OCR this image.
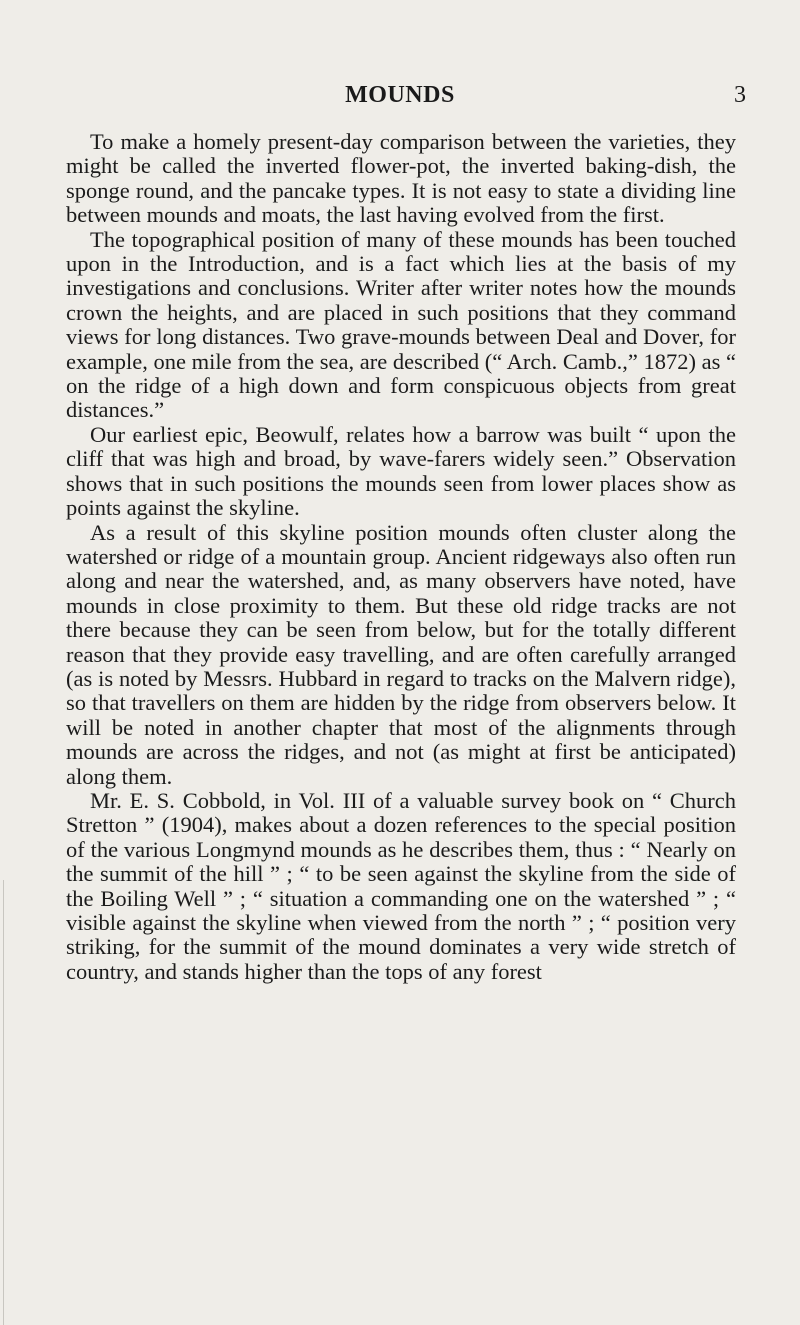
MOUNDS	3

To make a homely present-day comparison between the varieties, they might be called the inverted flower-pot, the inverted baking-dish, the sponge round, and the pancake types. It is not easy to state a dividing line between mounds and moats, the last having evolved from the first.

The topographical position of many of these mounds has been touched upon in the Introduction, and is a fact which lies at the basis of my investigations and conclusions. Writer after writer notes how the mounds crown the heights, and are placed in such positions that they command views for long distances. Two grave-mounds between Deal and Dover, for example, one mile from the sea, are described (“ Arch. Camb.,” 1872) as “ on the ridge of a high down and form conspicuous objects from great distances.”

Our earliest epic, Beowulf, relates how a barrow was built “ upon the cliff that was high and broad, by wave-farers widely seen.” Observation shows that in such positions the mounds seen from lower places show as points against the skyline.

As a result of this skyline position mounds often cluster along the watershed or ridge of a mountain group. Ancient ridgeways also often run along and near the watershed, and, as many observers have noted, have mounds in close proximity to them. But these old ridge tracks are not there because they can be seen from below, but for the totally different reason that they provide easy travelling, and are often carefully arranged (as is noted by Messrs. Hubbard in regard to tracks on the Malvern ridge), so that travellers on them are hidden by the ridge from observers below. It will be noted in another chapter that most of the alignments through mounds are across the ridges, and not (as might at first be anticipated) along them.

Mr. E. S. Cobbold, in Vol. III of a valuable survey book on “ Church Stretton ” (1904), makes about a dozen references to the special position of the various Longmynd mounds as he describes them, thus : “ Nearly on the summit of the hill ” ; “ to be seen against the skyline from the side of the Boiling Well ” ; “ situation a commanding one on the watershed ” ; “ visible against the skyline when viewed from the north ” ; “ position very striking, for the summit of the mound dominates a very wide stretch of country, and stands higher than the tops of any forest
